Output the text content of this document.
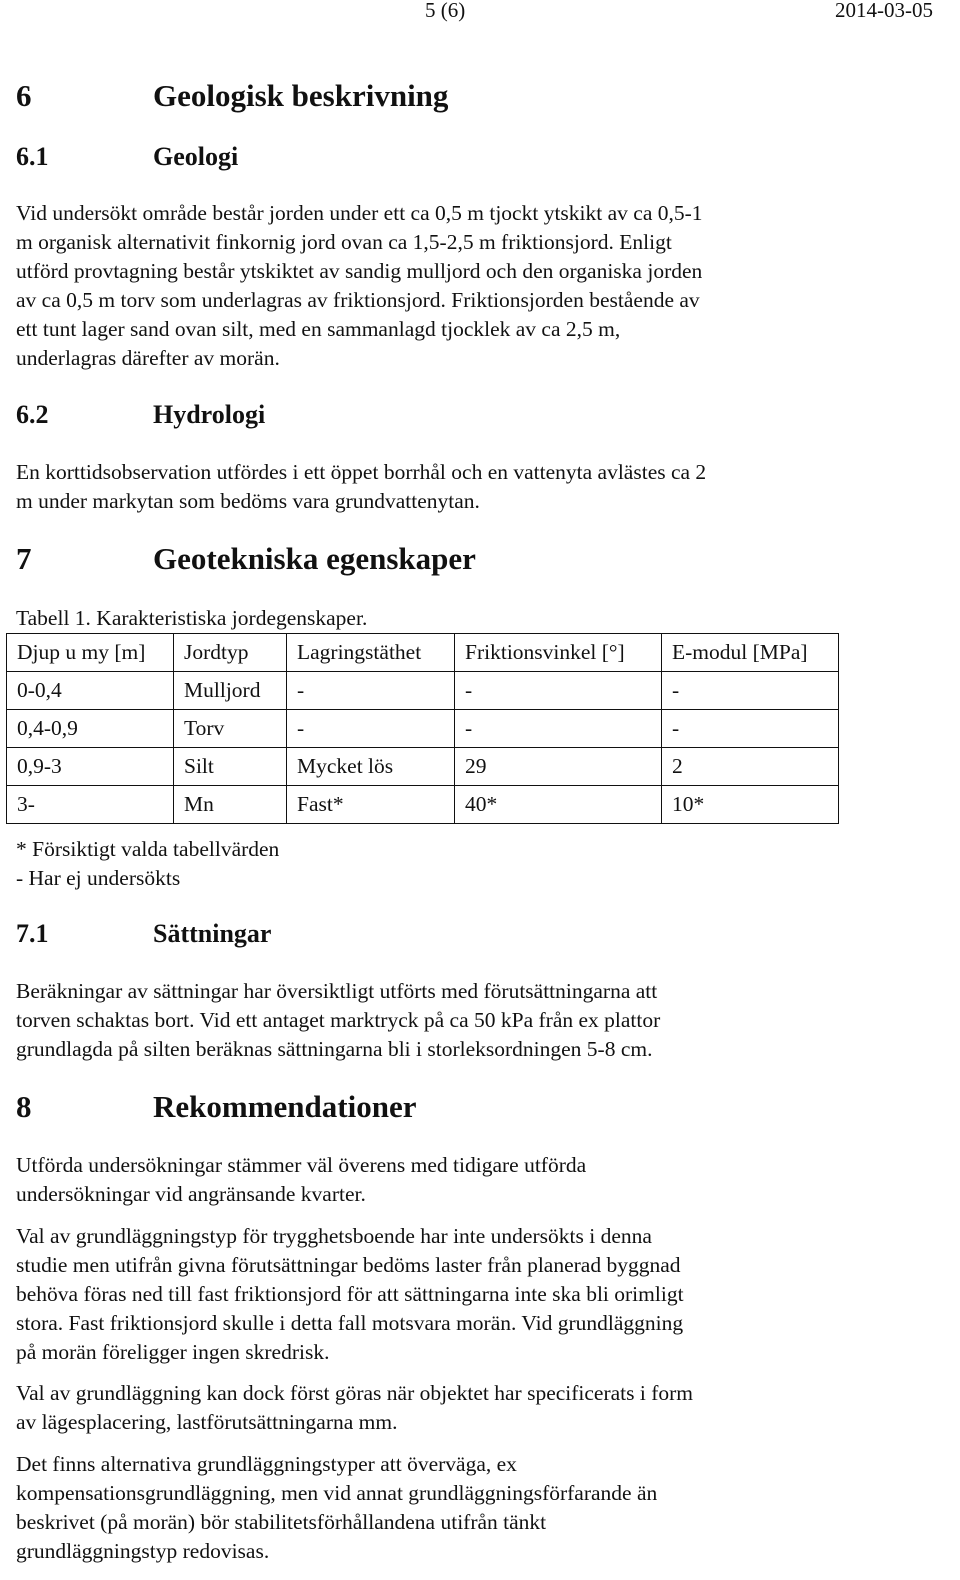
5 (6)	2014-03-05
6	Geologisk beskrivning
6.1	Geologi
Vid undersökt område består jorden under ett ca 0,5 m tjockt ytskikt av ca 0,5-1
m organisk alternativit finkornig jord ovan ca 1,5-2,5 m friktionsjord. Enligt
utförd provtagning består ytskiktet av sandig mulljord och den organiska jorden
av ca 0,5 m torv som underlagras av friktionsjord. Friktionsjorden bestående av
ett tunt lager sand ovan silt, med en sammanlagd tjocklek av ca 2,5 m,
underlagras därefter av morän.
6.2	Hydrologi
En korttidsobservation utfördes i ett öppet borrhål och en vattenyta avlästes ca 2
m under markytan som bedöms vara grundvattenytan.
7	Geotekniska egenskaper
Tabell 1. Karakteristiska jordegenskaper.
Djup u my [m]	Jordtyp	Lagringstäthet	Friktionsvinkel [°]	E-modul [MPa]
0-0,4	Mulljord	-	-	-
0,4-0,9	Torv	-	-	-
0,9-3	Silt	Mycket lös	29	2
3-	Mn	Fast*	40*	10*
* Försiktigt valda tabellvärden
- Har ej undersökts
7.1	Sättningar
Beräkningar av sättningar har översiktligt utförts med förutsättningarna att
torven schaktas bort. Vid ett antaget marktryck på ca 50 kPa från ex plattor
grundlagda på silten beräknas sättningarna bli i storleksordningen 5-8 cm.
8	Rekommendationer
Utförda undersökningar stämmer väl överens med tidigare utförda
undersökningar vid angränsande kvarter.
Val av grundläggningstyp för trygghetsboende har inte undersökts i denna
studie men utifrån givna förutsättningar bedöms laster från planerad byggnad
behöva föras ned till fast friktionsjord för att sättningarna inte ska bli orimligt
stora. Fast friktionsjord skulle i detta fall motsvara morän. Vid grundläggning
på morän föreligger ingen skredrisk.
Val av grundläggning kan dock först göras när objektet har specificerats i form
av lägesplacering, lastförutsättningarna mm.
Det finns alternativa grundläggningstyper att överväga, ex
kompensationsgrundläggning, men vid annat grundläggningsförfarande än
beskrivet (på morän) bör stabilitetsförhållandena utifrån tänkt
grundläggningstyp redovisas.
